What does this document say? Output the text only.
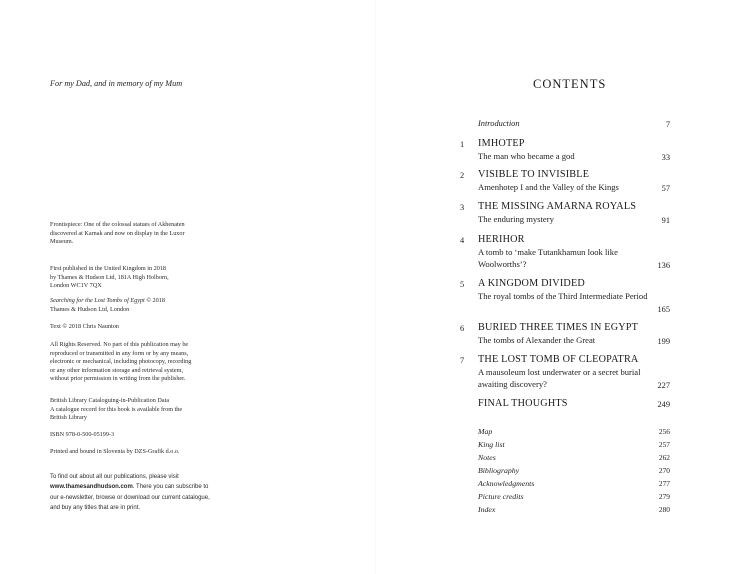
For my Dad, and in memory of my Mum

Frontispiece: One of the colossal statues of Akhenaten

discovered at Karnak and now on display in the Luxor

Museum.

First published in the United Kingdom in 2018

by Thames & Hudson Ltd, 181A High Holborn,

London WC1V 7QX

Searching for the Lost Tombs of Egypt © 2018

Thames & Hudson Ltd, London

Text © 2018 Chris Naunton

All Rights Reserved. No part of this publication may be

reproduced or transmitted in any form or by any means,

electronic or mechanical, including photocopy, recording

or any other information storage and retrieval system,

without prior permission in writing from the publisher.

British Library Cataloguing-in-Publication Data

A catalogue record for this book is available from the

British Library

ISBN 978-0-500-05199-3
Printed and bound in Slovenia by DZS-Grafik d.o.o.

To find out about all our publications, please visit

www.thamesandhudson.com. There you can subscribe to

our e-newsletter, browse or download our current catalogue,

and buy any titles that are in print.

CONTENTS
Introduction	7
1 IMHOTEP
The man who became a god	33
2 VISIBLE TO INVISIBLE
Amenhotep I and the Valley of the Kings	57
3 THE MISSING AMARNA ROYALS
The enduring mystery	91
4 HERIHOR
A tomb to ‘make Tutankhamun look like Woolworths’?	136
5 A KINGDOM DIVIDED
The royal tombs of the Third Intermediate Period
165
6 BURIED THREE TIMES IN EGYPT
The tombs of Alexander the Great	199
7 THE LOST TOMB OF CLEOPATRA
A mausoleum lost underwater or a secret burial awaiting discovery?	227
FINAL THOUGHTS	249
Map	256
King list	257
Notes	262
Bibliography	270
Acknowledgments	277
Picture credits	279
Index	280
